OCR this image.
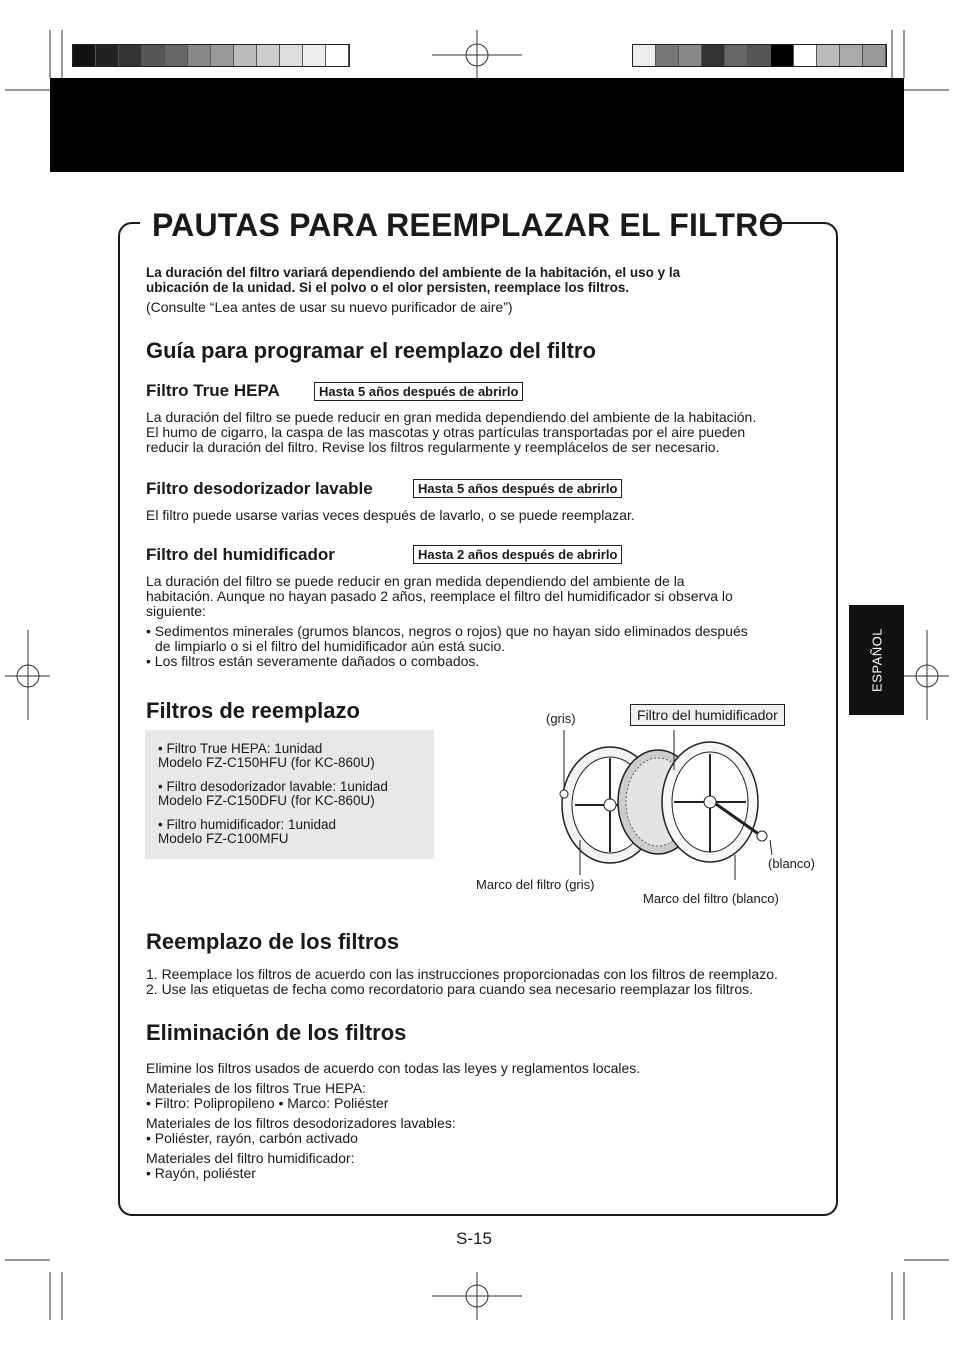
PAUTAS PARA REEMPLAZAR EL FILTRO
La duración del filtro variará dependiendo del ambiente de la habitación, el uso y la
ubicación de la unidad. Si el polvo o el olor persisten, reemplace los filtros.
(Consulte “Lea antes de usar su nuevo purificador de aire”)
Guía para programar el reemplazo del filtro
Filtro True HEPA	Hasta 5 años después de abrirlo
La duración del filtro se puede reducir en gran medida dependiendo del ambiente de la habitación.
El humo de cigarro, la caspa de las mascotas y otras partículas transportadas por el aire pueden
reducir la duración del filtro. Revise los filtros regularmente y reemplácelos de ser necesario.
Filtro desodorizador lavable	Hasta 5 años después de abrirlo
El filtro puede usarse varias veces después de lavarlo, o se puede reemplazar.
Filtro del humidificador	Hasta 2 años después de abrirlo
La duración del filtro se puede reducir en gran medida dependiendo del ambiente de la
habitación. Aunque no hayan pasado 2 años, reemplace el filtro del humidificador si observa lo
siguiente:
• Sedimentos minerales (grumos blancos, negros o rojos) que no hayan sido eliminados después
de limpiarlo o si el filtro del humidificador aún está sucio.
• Los filtros están severamente dañados o combados.
Filtros de reemplazo
• Filtro True HEPA: 1unidad
Modelo FZ-C150HFU (for KC-860U)
• Filtro desodorizador lavable: 1unidad
Modelo FZ-C150DFU (for KC-860U)
• Filtro humidificador: 1unidad
Modelo FZ-C100MFU
(gris)	Filtro del humidificador
(blanco)
Marco del filtro (gris)
Marco del filtro (blanco)
Reemplazo de los filtros
1. Reemplace los filtros de acuerdo con las instrucciones proporcionadas con los filtros de reemplazo.
2. Use las etiquetas de fecha como recordatorio para cuando sea necesario reemplazar los filtros.
Eliminación de los filtros
Elimine los filtros usados de acuerdo con todas las leyes y reglamentos locales.
Materiales de los filtros True HEPA:
• Filtro: Polipropileno • Marco: Poliéster
Materiales de los filtros desodorizadores lavables:
• Poliéster, rayón, carbón activado
Materiales del filtro humidificador:
• Rayón, poliéster
ESPAÑOL
S-15
